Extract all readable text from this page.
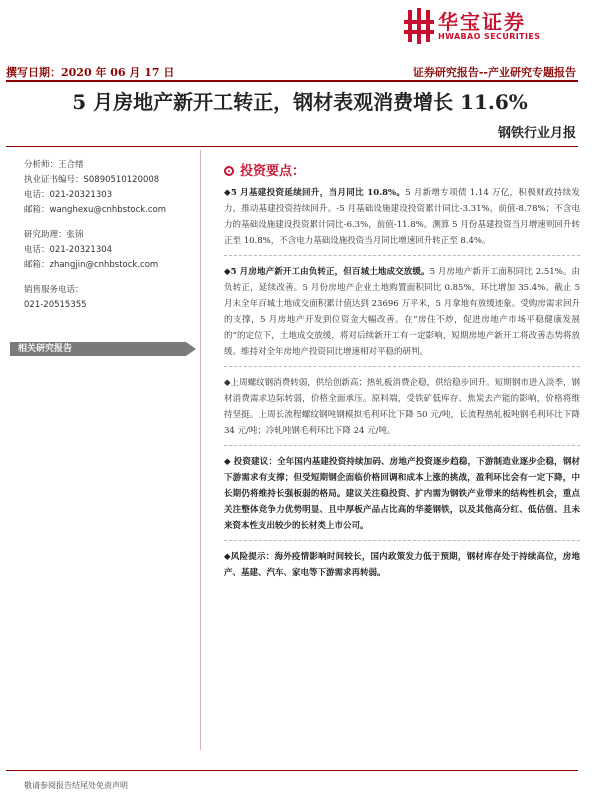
华宝证券
HWABAO SECURITIES
撰写日期：2020 年 06 月 17 日	证券研究报告--产业研究专题报告
5 月房地产新开工转正，钢材表观消费增长 11.6%
钢铁行业月报
分析师：王合绪
执业证书编号：S0890510120008
电话：021-20321303
邮箱：wanghexu@cnhbstock.com
研究助理：张锦
电话：021-20321304
邮箱：zhangjin@cnhbstock.com
销售服务电话：
021-20515355
相关研究报告
投资要点：
◆5 月基建投资延续回升，当月同比 10.8%。5 月新增专项债 1.14 万亿，积极财政持续发力，推动基建投资持续回升。-5 月基础设施建设投资累计同比-3.31%，前值-8.78%；不含电力的基础设施建设投资累计同比-6.3%，前值-11.8%。测算 5 月份基建投资当月增速则回升转正至 10.8%，不含电力基础设施投资当月同比增速回升转正至 8.4%。
◆5 月房地产新开工由负转正，但百城土地成交放缓。5 月房地产新开工面积同比 2.51%。由负转正，延续改善。5 月份房地产企业土地购置面积同比 0.85%，环比增加 35.4%。截止 5 月末全年百城土地成交面积累计值达到 23696 万平米，5 月拿地有放缓迹象。受购房需求回升的支撑，5 月房地产开发到位资金大幅改善。在“房住不炒，促进房地产市场平稳健康发展的”的定位下，土地成交放缓，将对后续新开工有一定影响，短期房地产新开工将改善态势将放缓。维持对全年房地产投资同比增速相对平稳的研判。
◆上周螺纹钢消费转弱，供给创新高；热轧板消费企稳，供给稳步回升。短期钢市进入淡季，钢材消费需求边际转弱，价格全面承压。原料端，受铁矿低库存、焦炭去产能的影响，价格将维持坚挺。上周长流程螺纹钢吨钢模拟毛利环比下降 50 元/吨，长流程热轧板吨钢毛利环比下降 34 元/吨；冷轧吨钢毛利环比下降 24 元/吨。
◆ 投资建议：全年国内基建投资持续加码、房地产投资逐步趋稳，下游制造业逐步企稳，钢材下游需求有支撑；但受短期钢企面临价格回调和成本上涨的挑战，盈利环比会有一定下降，中长期仍将维持长强板弱的格局。建议关注稳投资、扩内需为钢铁产业带来的结构性机会，重点关注整体竞争力优势明显、且中厚板产品占比高的华菱钢铁，以及其他高分红、低估值、且未来资本性支出较少的长材类上市公司。
◆风险提示：海外疫情影响时间较长，国内政策发力低于预期，钢材库存处于持续高位，房地产、基建、汽车、家电等下游需求再转弱。
敬请参阅报告结尾处免责声明
